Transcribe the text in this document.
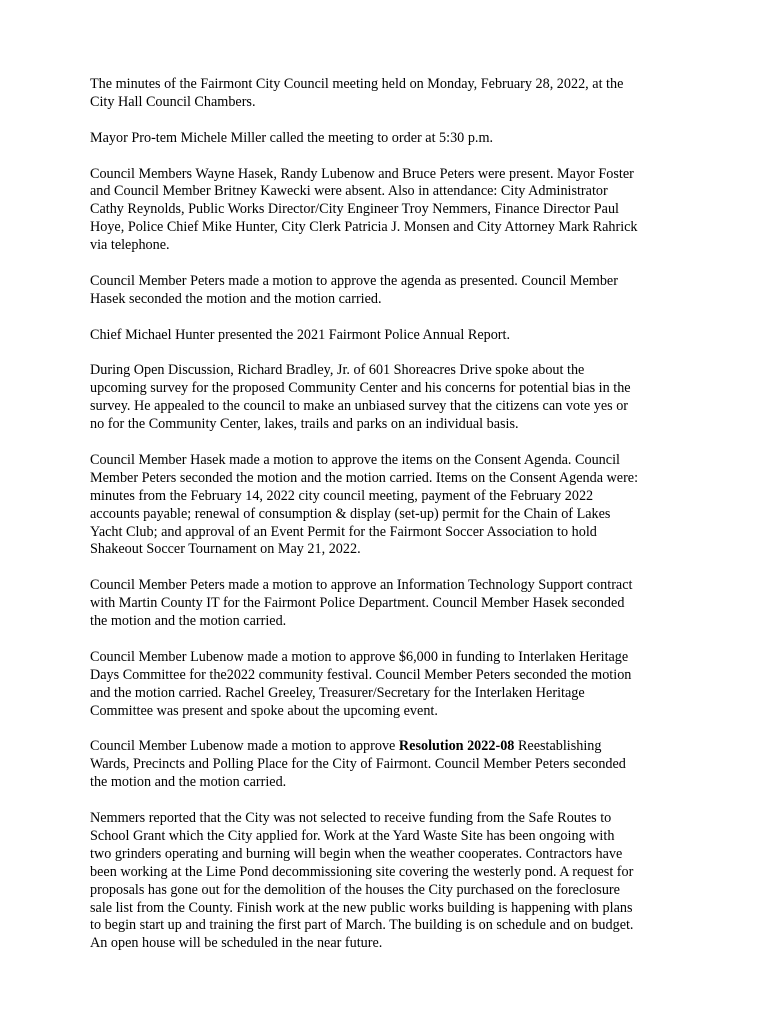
The minutes of the Fairmont City Council meeting held on Monday, February 28, 2022, at the
City Hall Council Chambers.

Mayor Pro-tem Michele Miller called the meeting to order at 5:30 p.m.

Council Members Wayne Hasek, Randy Lubenow and Bruce Peters were present. Mayor Foster
and Council Member Britney Kawecki were absent. Also in attendance: City Administrator
Cathy Reynolds, Public Works Director/City Engineer Troy Nemmers, Finance Director Paul
Hoye, Police Chief Mike Hunter, City Clerk Patricia J. Monsen and City Attorney Mark Rahrick
via telephone.

Council Member Peters made a motion to approve the agenda as presented. Council Member
Hasek seconded the motion and the motion carried.

Chief Michael Hunter presented the 2021 Fairmont Police Annual Report.

During Open Discussion, Richard Bradley, Jr. of 601 Shoreacres Drive spoke about the
upcoming survey for the proposed Community Center and his concerns for potential bias in the
survey. He appealed to the council to make an unbiased survey that the citizens can vote yes or
no for the Community Center, lakes, trails and parks on an individual basis.

Council Member Hasek made a motion to approve the items on the Consent Agenda. Council
Member Peters seconded the motion and the motion carried. Items on the Consent Agenda were:
minutes from the February 14, 2022 city council meeting, payment of the February 2022
accounts payable; renewal of consumption & display (set-up) permit for the Chain of Lakes
Yacht Club; and approval of an Event Permit for the Fairmont Soccer Association to hold
Shakeout Soccer Tournament on May 21, 2022.

Council Member Peters made a motion to approve an Information Technology Support contract
with Martin County IT for the Fairmont Police Department. Council Member Hasek seconded
the motion and the motion carried.

Council Member Lubenow made a motion to approve $6,000 in funding to Interlaken Heritage
Days Committee for the2022 community festival. Council Member Peters seconded the motion
and the motion carried. Rachel Greeley, Treasurer/Secretary for the Interlaken Heritage
Committee was present and spoke about the upcoming event.

Council Member Lubenow made a motion to approve Resolution 2022-08 Reestablishing
Wards, Precincts and Polling Place for the City of Fairmont. Council Member Peters seconded
the motion and the motion carried.

Nemmers reported that the City was not selected to receive funding from the Safe Routes to
School Grant which the City applied for. Work at the Yard Waste Site has been ongoing with
two grinders operating and burning will begin when the weather cooperates. Contractors have
been working at the Lime Pond decommissioning site covering the westerly pond. A request for
proposals has gone out for the demolition of the houses the City purchased on the foreclosure
sale list from the County. Finish work at the new public works building is happening with plans
to begin start up and training the first part of March. The building is on schedule and on budget.
An open house will be scheduled in the near future.
